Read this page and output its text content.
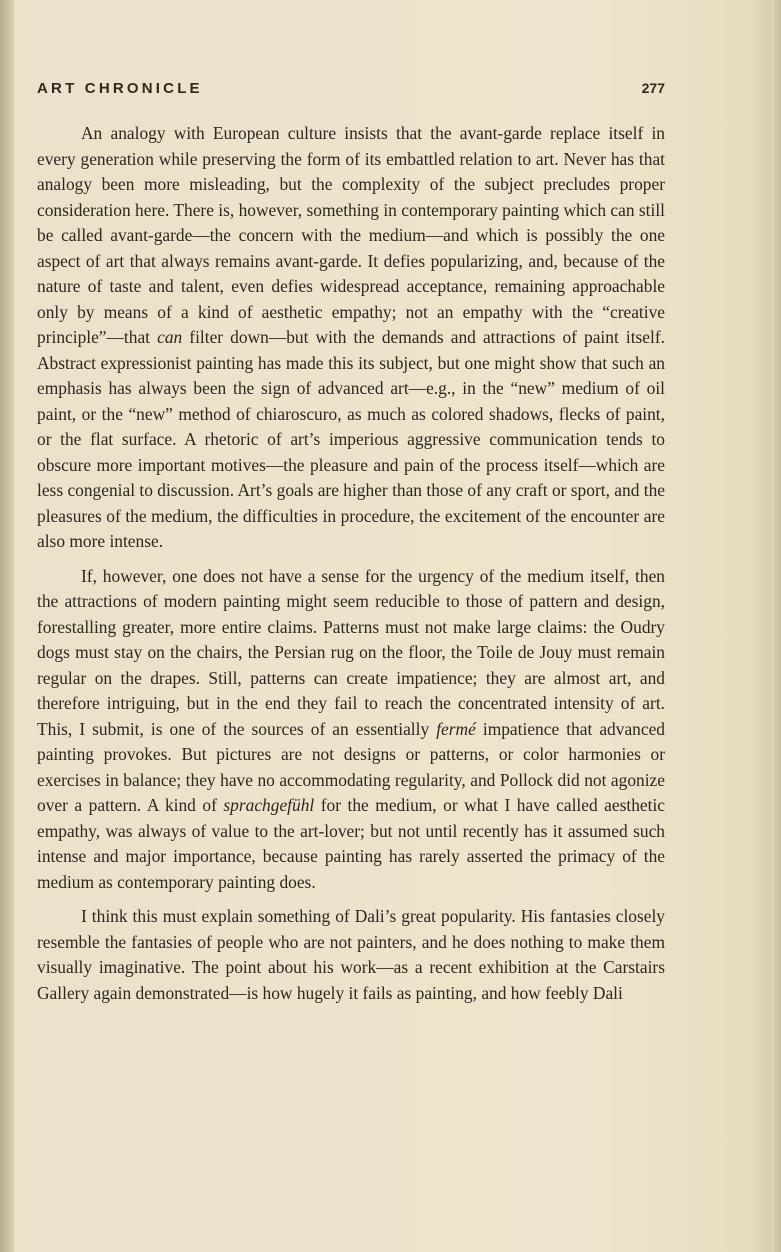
ART CHRONICLE	277

An analogy with European culture insists that the avant-garde replace itself in every generation while preserving the form of its embattled relation to art. Never has that analogy been more misleading, but the complexity of the subject precludes proper consideration here. There is, however, something in contemporary painting which can still be called avant-garde—the concern with the medium—and which is possibly the one aspect of art that always remains avant-garde. It defies popularizing, and, because of the nature of taste and talent, even defies widespread acceptance, remaining approachable only by means of a kind of aesthetic empathy; not an empathy with the “creative principle”—that can filter down—but with the demands and attractions of paint itself. Abstract expressionist painting has made this its subject, but one might show that such an emphasis has always been the sign of advanced art—e.g., in the “new” medium of oil paint, or the “new” method of chiaroscuro, as much as colored shadows, flecks of paint, or the flat surface. A rhetoric of art’s imperious aggressive communication tends to obscure more important motives—the pleasure and pain of the process itself—which are less congenial to discussion. Art’s goals are higher than those of any craft or sport, and the pleasures of the medium, the difficulties in procedure, the excitement of the encounter are also more intense.

If, however, one does not have a sense for the urgency of the medium itself, then the attractions of modern painting might seem reducible to those of pattern and design, forestalling greater, more entire claims. Patterns must not make large claims: the Oudry dogs must stay on the chairs, the Persian rug on the floor, the Toile de Jouy must remain regular on the drapes. Still, patterns can create impatience; they are almost art, and therefore intriguing, but in the end they fail to reach the concentrated intensity of art. This, I submit, is one of the sources of an essentially fermé impatience that advanced painting provokes. But pictures are not designs or patterns, or color harmonies or exercises in balance; they have no accommodating regularity, and Pollock did not agonize over a pattern. A kind of sprachgefühl for the medium, or what I have called aesthetic empathy, was always of value to the art-lover; but not until recently has it assumed such intense and major importance, because painting has rarely asserted the primacy of the medium as contemporary painting does.

I think this must explain something of Dali’s great popularity. His fantasies closely resemble the fantasies of people who are not painters, and he does nothing to make them visually imaginative. The point about his work—as a recent exhibition at the Carstairs Gallery again demonstrated—is how hugely it fails as painting, and how feebly Dali
